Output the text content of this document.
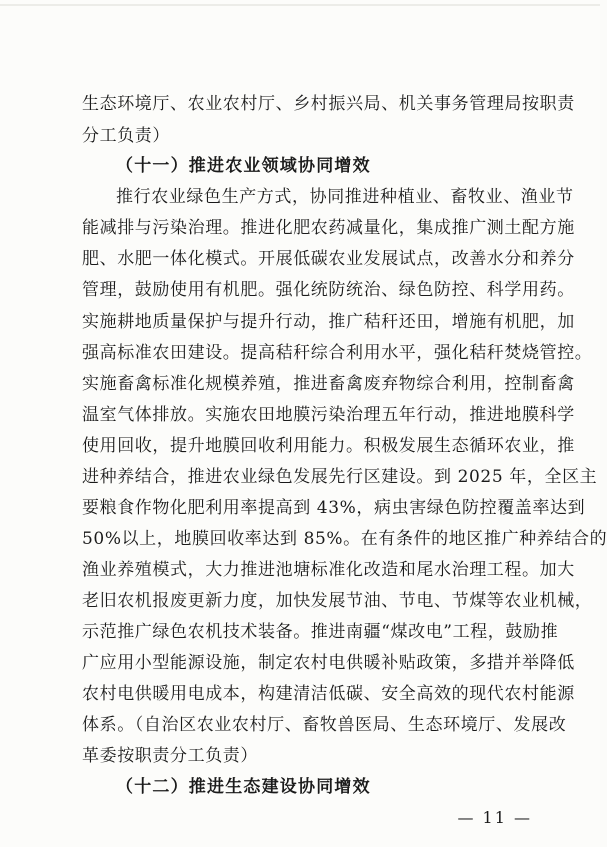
生态环境厅、农业农村厅、乡村振兴局、机关事务管理局按职责
分工负责）
（十一）推进农业领域协同增效
推行农业绿色生产方式，协同推进种植业、畜牧业、渔业节
能减排与污染治理。推进化肥农药减量化，集成推广测土配方施
肥、水肥一体化模式。开展低碳农业发展试点，改善水分和养分
管理，鼓励使用有机肥。强化统防统治、绿色防控、科学用药。
实施耕地质量保护与提升行动，推广秸秆还田，增施有机肥，加
强高标准农田建设。提高秸秆综合利用水平，强化秸秆焚烧管控。
实施畜禽标准化规模养殖，推进畜禽废弃物综合利用，控制畜禽
温室气体排放。实施农田地膜污染治理五年行动，推进地膜科学
使用回收，提升地膜回收利用能力。积极发展生态循环农业，推
进种养结合，推进农业绿色发展先行区建设。到 2025 年，全区主
要粮食作物化肥利用率提高到 43%，病虫害绿色防控覆盖率达到
50%以上，地膜回收率达到 85%。在有条件的地区推广种养结合的
渔业养殖模式，大力推进池塘标准化改造和尾水治理工程。加大
老旧农机报废更新力度，加快发展节油、节电、节煤等农业机械，
示范推广绿色农机技术装备。推进南疆“煤改电”工程，鼓励推
广应用小型能源设施，制定农村电供暖补贴政策，多措并举降低
农村电供暖用电成本，构建清洁低碳、安全高效的现代农村能源
体系。（自治区农业农村厅、畜牧兽医局、生态环境厅、发展改
革委按职责分工负责）
（十二）推进生态建设协同增效
— 11 —
